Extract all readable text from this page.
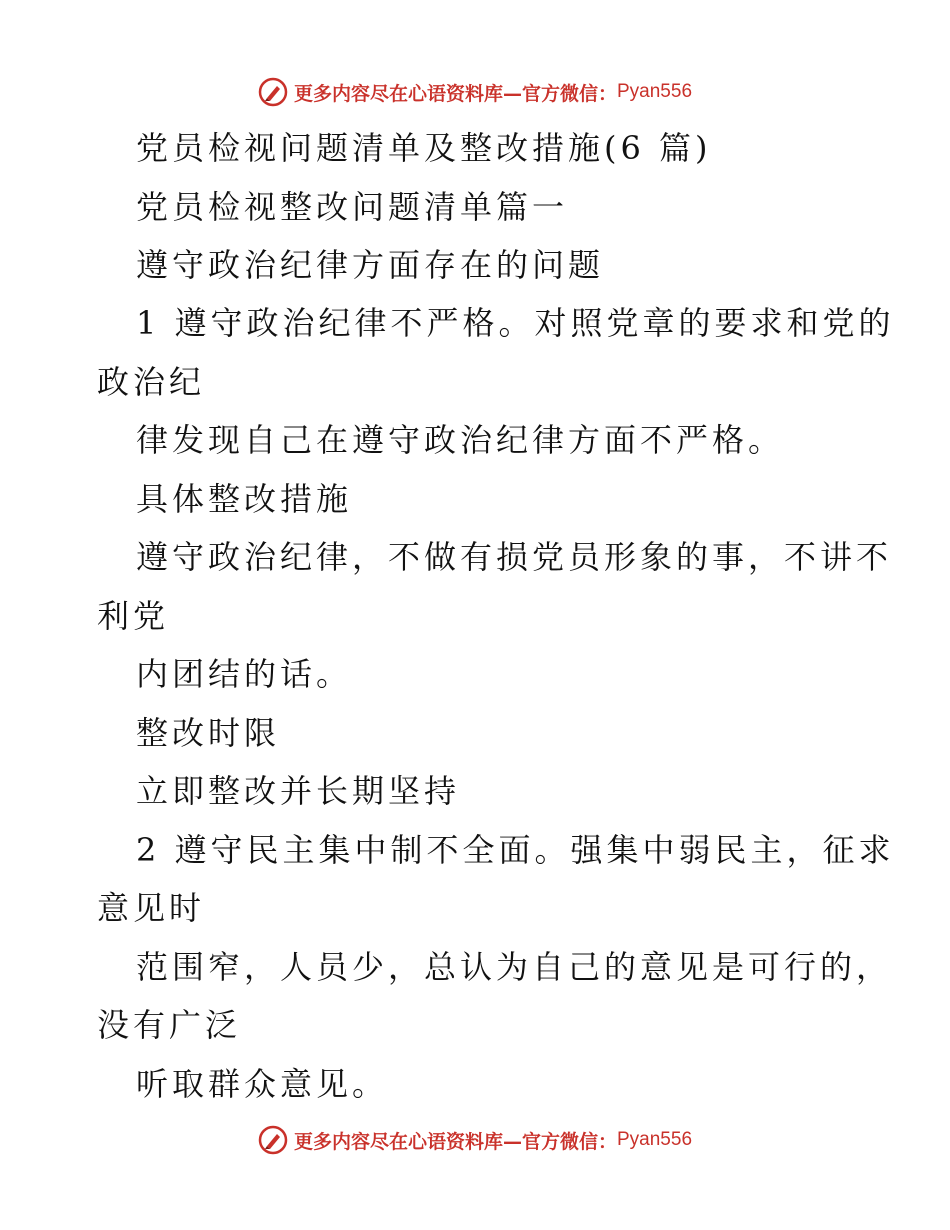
更多内容尽在心语资料库—官方微信： Pyan556
党员检视问题清单及整改措施(6 篇)
党员检视整改问题清单篇一
遵守政治纪律方面存在的问题
1 遵守政治纪律不严格。对照党章的要求和党的
政治纪
律发现自己在遵守政治纪律方面不严格。
具体整改措施
遵守政治纪律，不做有损党员形象的事，不讲不
利党
内团结的话。
整改时限
立即整改并长期坚持
2 遵守民主集中制不全面。强集中弱民主，征求
意见时
范围窄，人员少，总认为自己的意见是可行的，
没有广泛
听取群众意见。
更多内容尽在心语资料库—官方微信： Pyan556
